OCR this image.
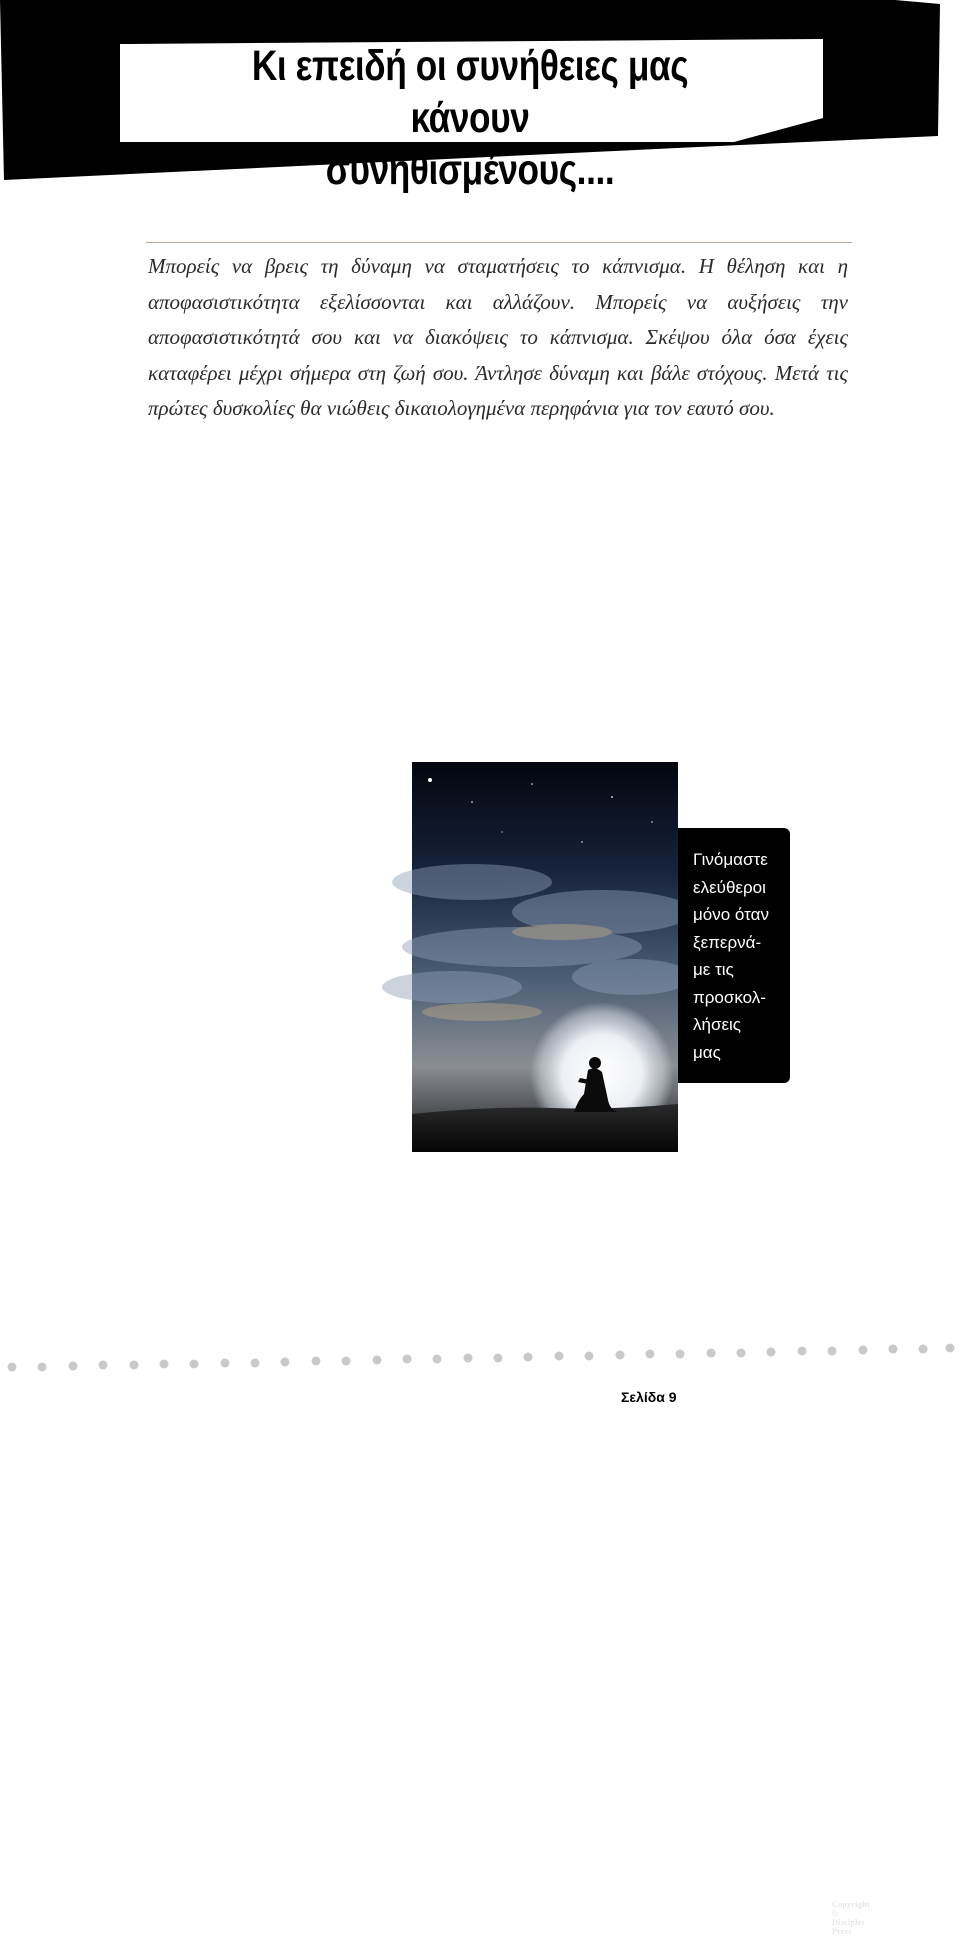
Κι επειδή οι συνήθειες μας κάνουν
συνηθισμένους....
Μπορείς να βρεις τη δύναμη να σταματήσεις το κάπνισμα. Η θέληση και η αποφασιστικότητα εξελίσσονται και αλλάζουν. Μπορείς να αυξήσεις την αποφασιστικότητά σου και να διακόψεις το κάπνισμα. Σκέψου όλα όσα έχεις καταφέρει μέχρι σήμερα στη ζωή σου. Άντλησε δύναμη και βάλε στόχους. Μετά τις πρώτες δυσκολίες θα νιώθεις δικαιολογημένα περηφάνια για τον εαυτό σου.
Copyright © Disciples Press
Γινόμαστε
ελεύθεροι
μόνο όταν
ξεπερνά-
με τις
προσκολ-
λήσεις
μας
Σελίδα 9
